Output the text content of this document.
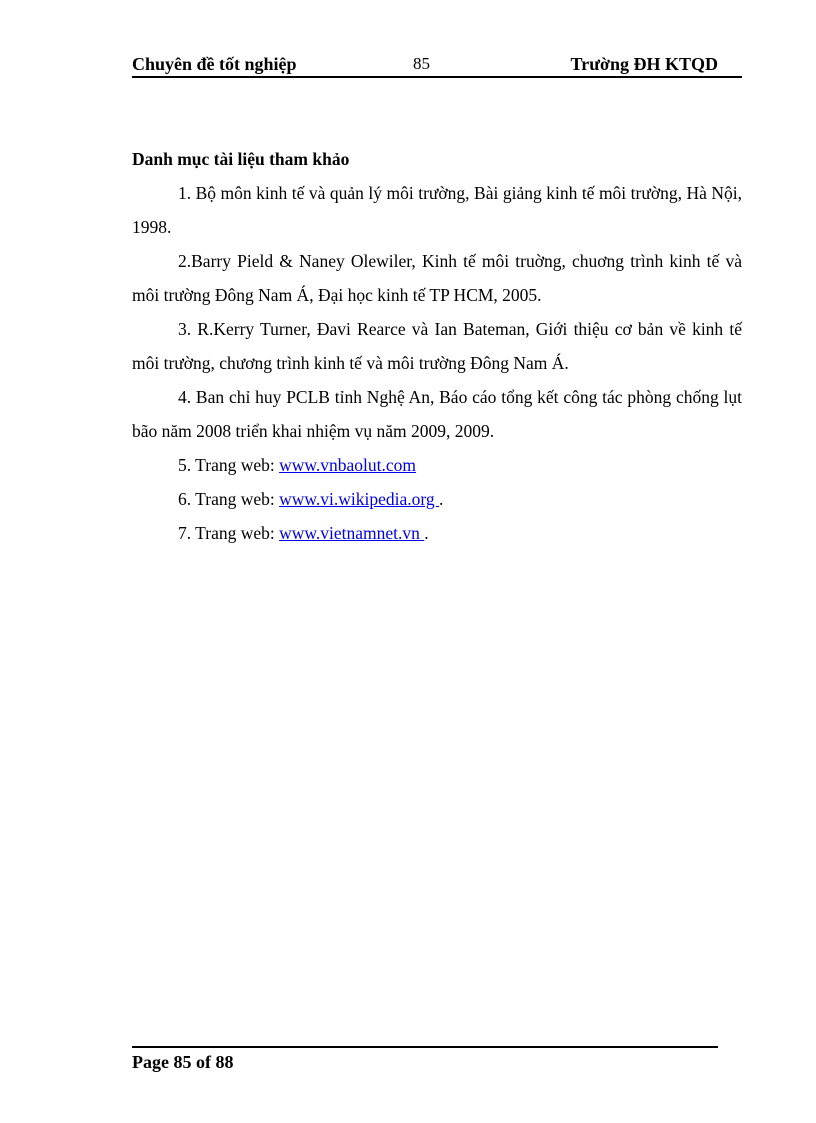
Chuyên đề tốt nghiệp	85	Trường ĐH KTQD

Danh mục tài liệu tham khảo

1. Bộ môn kinh tế và quản lý môi trường, Bài giảng kinh tế môi trường, Hà Nội, 1998.

2.Barry Pield & Naney Olewiler, Kinh tế môi truờng, chuơng trình kinh tế và môi trường Đông Nam Á, Đại học kinh tế TP HCM, 2005.

3. R.Kerry Turner, Đavi Rearce và Ian Bateman, Giới thiệu cơ bản về kinh tế môi trường, chương trình kinh tế và môi trường Đông Nam Á.

4. Ban chỉ huy PCLB tỉnh Nghệ An, Báo cáo tổng kết công tác phòng chống lụt bão năm 2008 triển khai nhiệm vụ năm 2009, 2009.

5. Trang web: www.vnbaolut.com

6. Trang web: www.vi.wikipedia.org .

7. Trang web: www.vietnamnet.vn .

Page 85 of 88
